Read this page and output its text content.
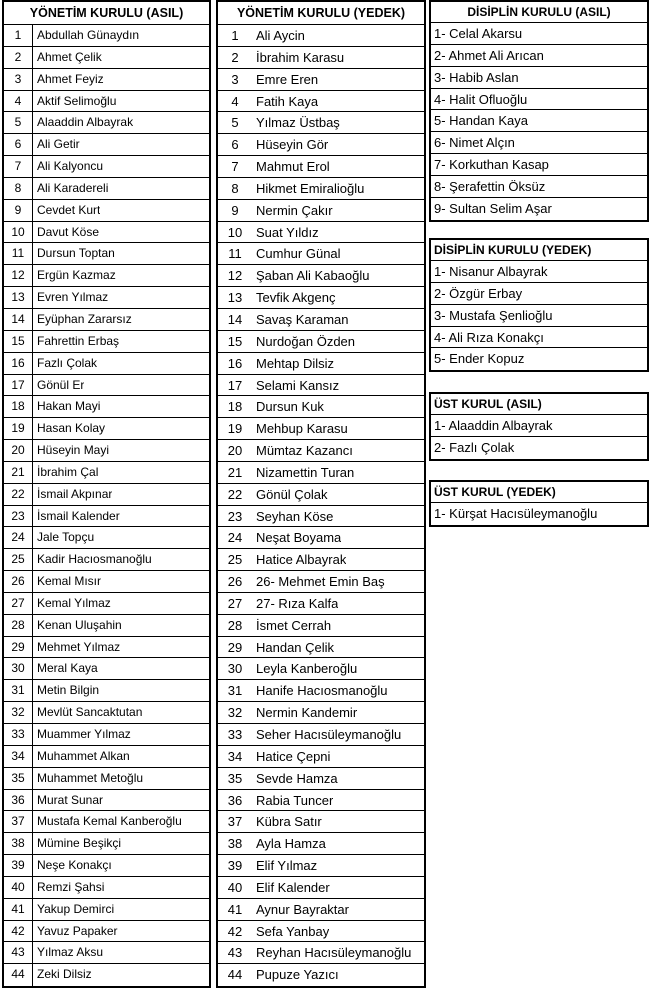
YÖNETİM KURULU (ASIL)
1	Abdullah Günaydın
2	Ahmet Çelik
3	Ahmet Feyiz
4	Aktif Selimoğlu
5	Alaaddin Albayrak
6	Ali Getir
7	Ali Kalyoncu
8	Ali Karadereli
9	Cevdet Kurt
10	Davut Köse
11	Dursun Toptan
12	Ergün Kazmaz
13	Evren Yılmaz
14	Eyüphan Zararsız
15	Fahrettin Erbaş
16	Fazlı Çolak
17	Gönül Er
18	Hakan Mayi
19	Hasan Kolay
20	Hüseyin Mayi
21	İbrahim Çal
22	İsmail Akpınar
23	İsmail Kalender
24	Jale Topçu
25	Kadir Hacıosmanoğlu
26	Kemal Mısır
27	Kemal Yılmaz
28	Kenan Uluşahin
29	Mehmet Yılmaz
30	Meral Kaya
31	Metin Bilgin
32	Mevlüt Sancaktutan
33	Muammer Yılmaz
34	Muhammet Alkan
35	Muhammet Metoğlu
36	Murat Sunar
37	Mustafa Kemal Kanberoğlu
38	Mümine Beşikçi
39	Neşe Konakçı
40	Remzi Şahsi
41	Yakup Demirci
42	Yavuz Papaker
43	Yılmaz Aksu
44	Zeki Dilsiz
YÖNETİM KURULU (YEDEK)
1	Ali Aycin
2	İbrahim Karasu
3	Emre Eren
4	Fatih Kaya
5	Yılmaz Üstbaş
6	Hüseyin Gör
7	Mahmut Erol
8	Hikmet Emiralioğlu
9	Nermin Çakır
10	Suat Yıldız
11	Cumhur Günal
12	Şaban Ali Kabaoğlu
13	Tevfik Akgenç
14	Savaş Karaman
15	Nurdoğan Özden
16	Mehtap Dilsiz
17	Selami Kansız
18	Dursun Kuk
19	Mehbup Karasu
20	Mümtaz Kazancı
21	Nizamettin Turan
22	Gönül Çolak
23	Seyhan Köse
24	Neşat Boyama
25	Hatice Albayrak
26	26- Mehmet Emin Baş
27	27- Rıza Kalfa
28	İsmet Cerrah
29	Handan Çelik
30	Leyla Kanberoğlu
31	Hanife Hacıosmanoğlu
32	Nermin Kandemir
33	Seher Hacısüleymanoğlu
34	Hatice Çepni
35	Sevde Hamza
36	Rabia Tuncer
37	Kübra Satır
38	Ayla Hamza
39	Elif Yılmaz
40	Elif Kalender
41	Aynur Bayraktar
42	Sefa Yanbay
43	Reyhan Hacısüleymanoğlu
44	Pupuze Yazıcı
DİSİPLİN KURULU (ASIL)
1- Celal Akarsu
2- Ahmet Ali Arıcan
3- Habib Aslan
4- Halit Ofluoğlu
5- Handan Kaya
6- Nimet Alçın
7- Korkuthan Kasap
8- Şerafettin Öksüz
9- Sultan Selim Aşar
DİSİPLİN KURULU (YEDEK)
1- Nisanur Albayrak
2- Özgür Erbay
3- Mustafa Şenlioğlu
4- Ali Rıza Konakçı
5- Ender Kopuz
ÜST KURUL (ASIL)
1- Alaaddin Albayrak
2- Fazlı Çolak
ÜST KURUL (YEDEK)
1- Kürşat Hacısüleymanoğlu
